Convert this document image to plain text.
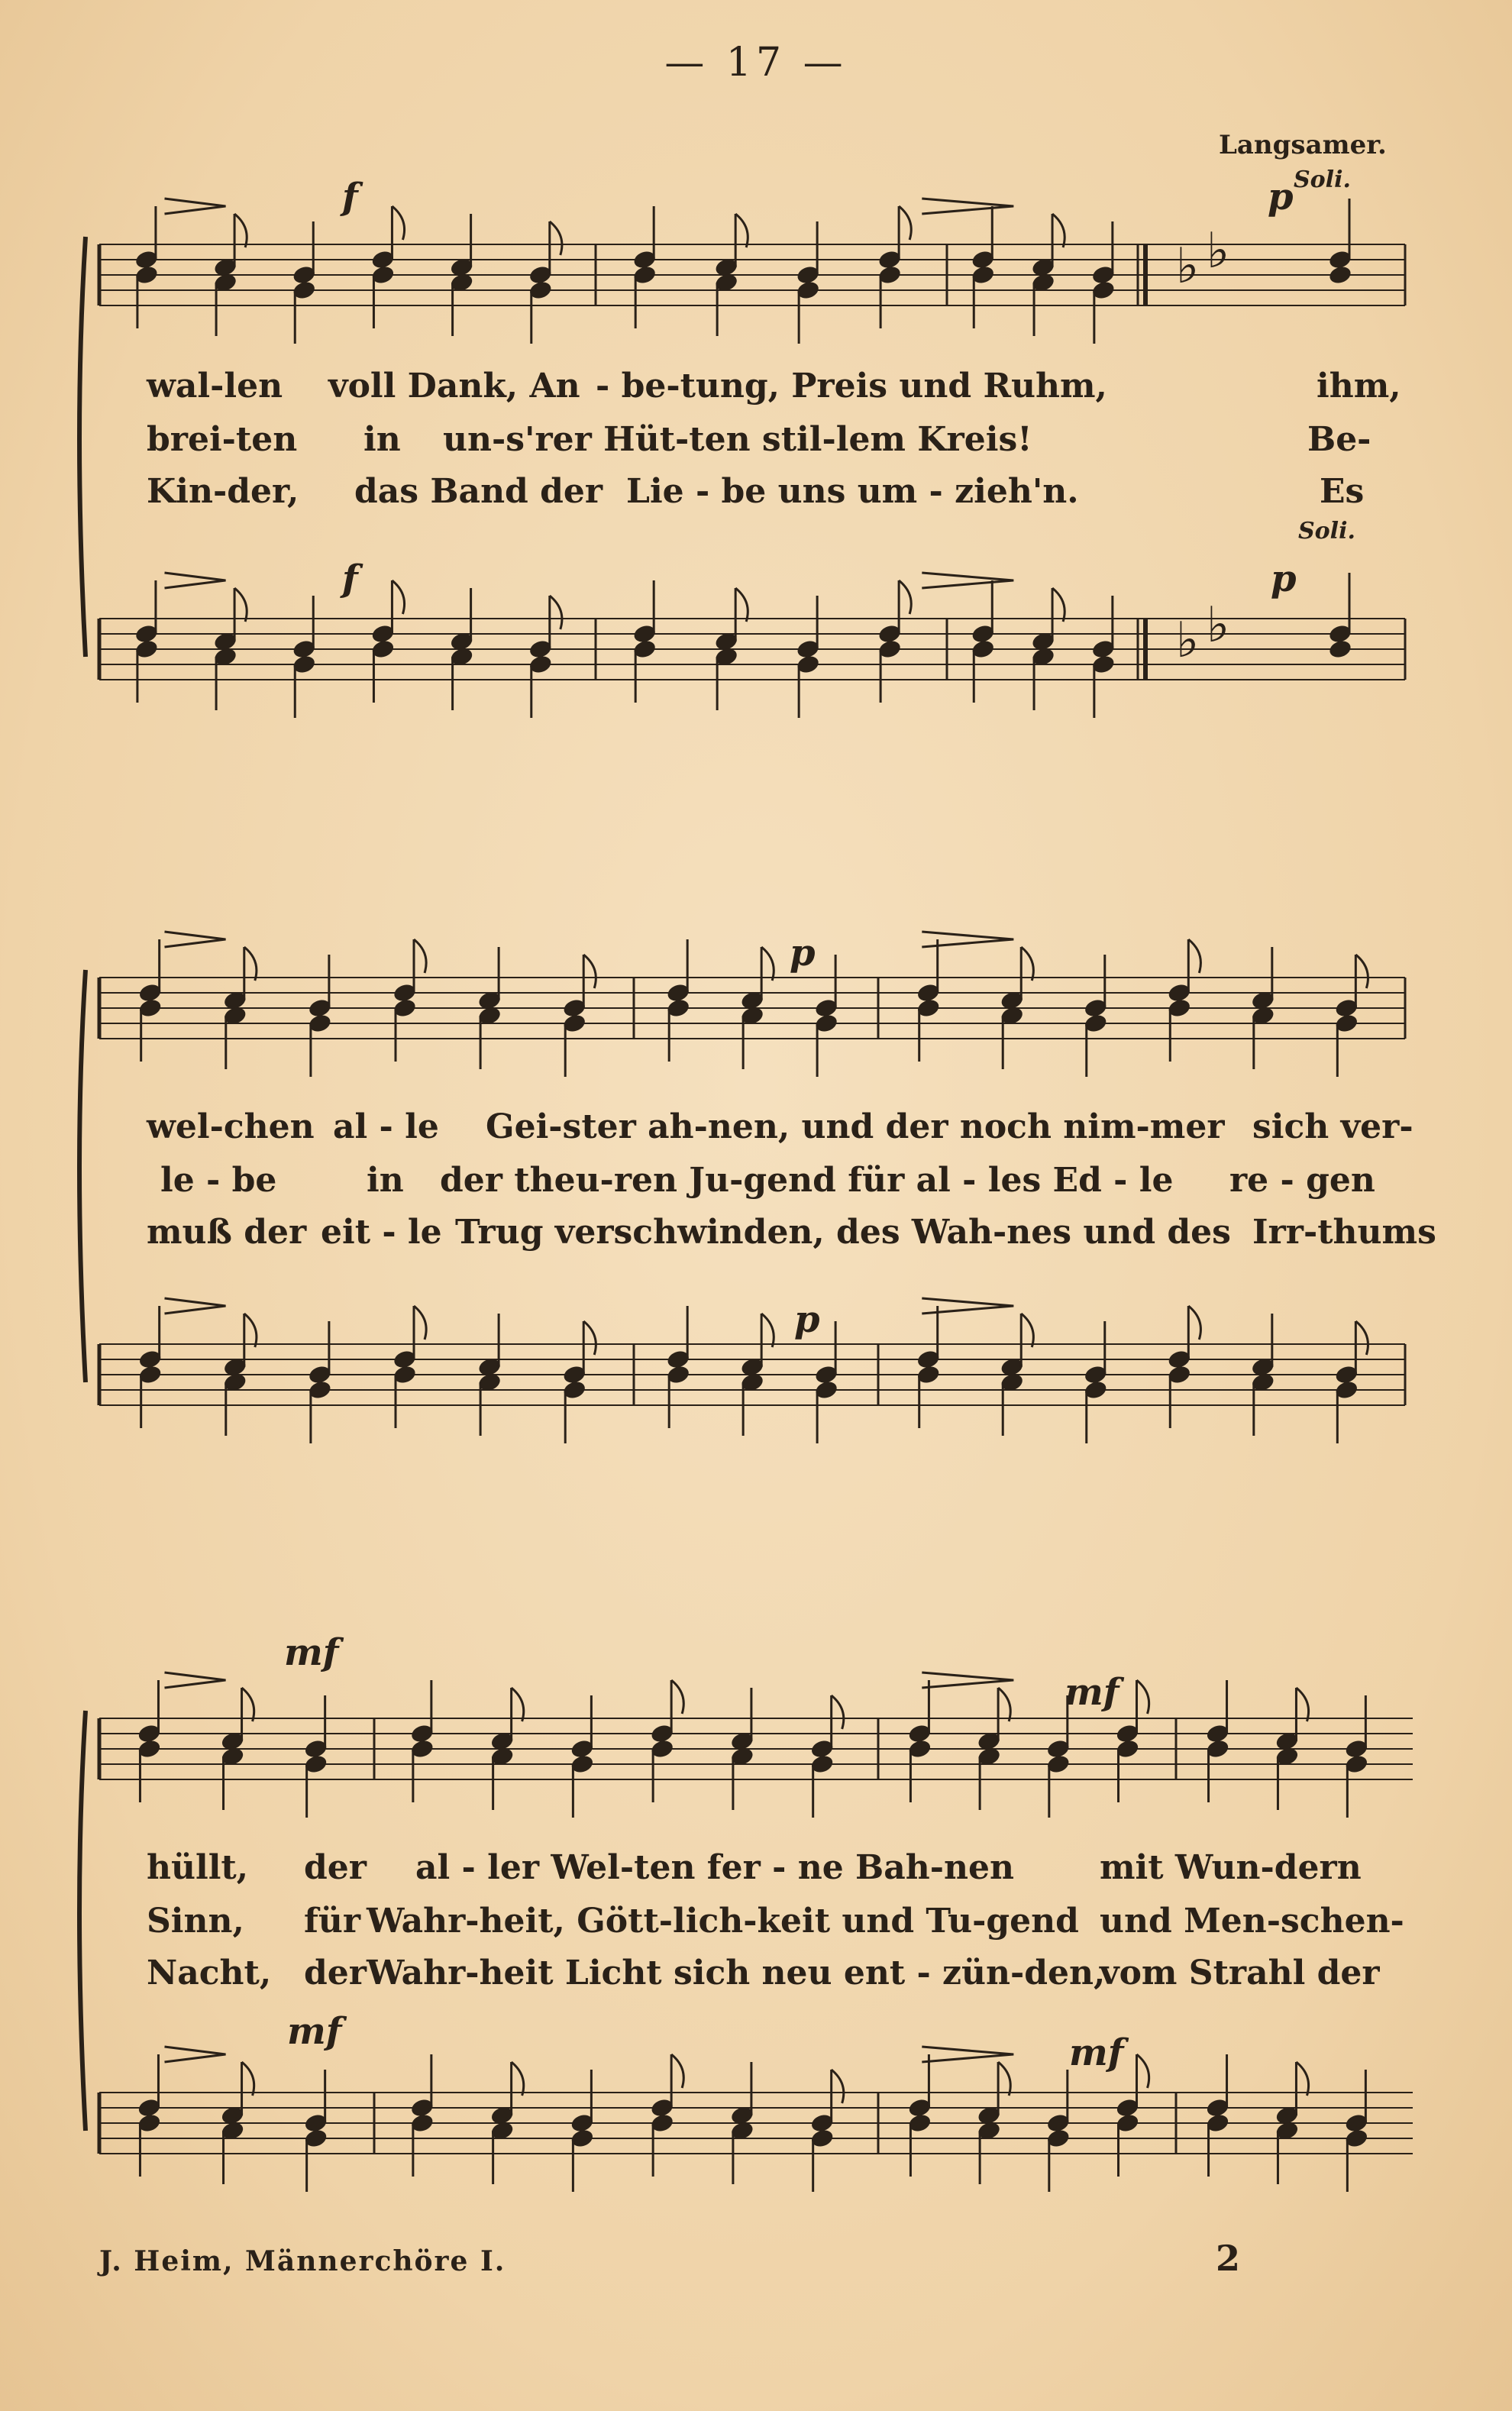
— 17 —
♭ ♭
♭ ♭
Langsamer.
p Soli.
f
Soli.
p
f
wal-len voll Dank, An - be-tung, Preis und Ruhm,	ihm,
brei-ten in un-s'rer Hüt-ten stil-lem Kreis!	Be-
Kin-der, das Band der Lie - be uns um - zieh'n.	Es
p
p
wel-chen al - le Gei-ster ah-nen, und der noch nim-mer sich ver-
le - be	in der theu-ren Ju-gend für al - les Ed - le re - gen
muß der eit - le Trug verschwinden, des Wah-nes und des Irr-thums
mf
mf
mf	mf
hüllt, der al - ler Wel-ten fer - ne Bah-nen	mit Wun-dern
Sinn, für Wahr-heit, Gött-lich-keit und Tu-gend und Men-schen-
Nacht, der Wahr-heit Licht sich neu ent - zün-den,
vom Strahl der
J. Heim, Männerchöre I.	2
